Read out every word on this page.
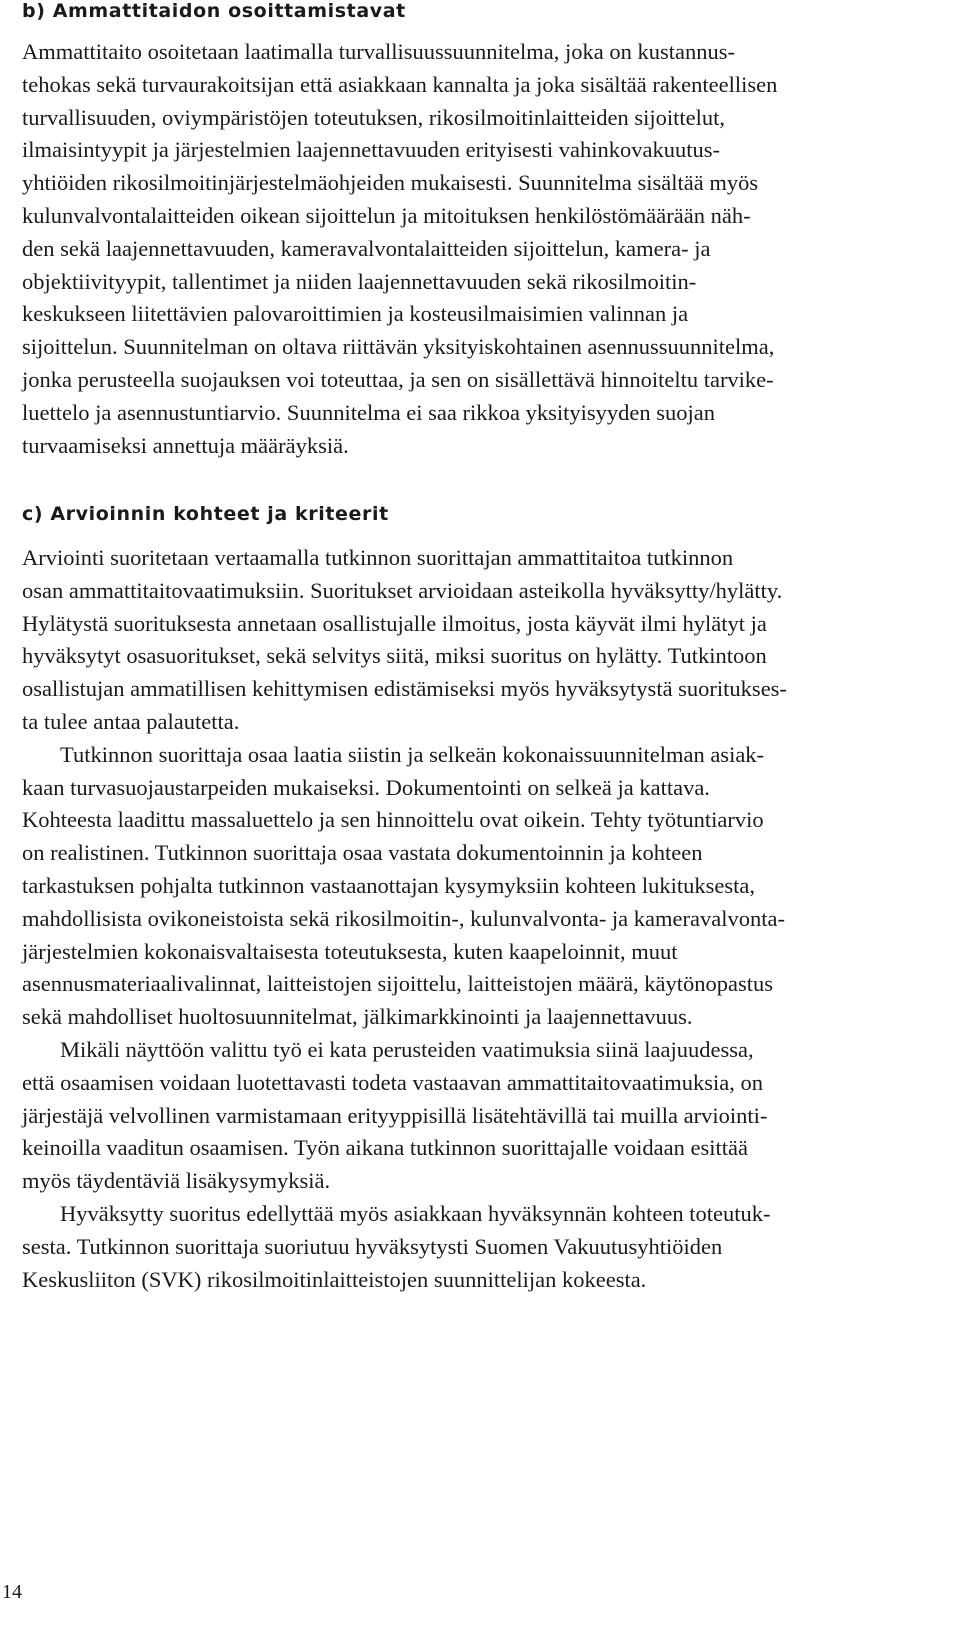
b) Ammattitaidon osoittamistavat
Ammattitaito osoitetaan laatimalla turvallisuussuunnitelma, joka on kustannus-
tehokas sekä turvaurakoitsijan että asiakkaan kannalta ja joka sisältää rakenteellisen
turvallisuuden, oviympäristöjen toteutuksen, rikosilmoitinlaitteiden sijoittelut,
ilmaisintyypit ja järjestelmien laajennettavuuden erityisesti vahinkovakuutus-
yhtiöiden rikosilmoitinjärjestelmäohjeiden mukaisesti. Suunnitelma sisältää myös
kulunvalvontalaitteiden oikean sijoittelun ja mitoituksen henkilöstömäärään näh-
den sekä laajennettavuuden, kameravalvontalaitteiden sijoittelun, kamera- ja
objektiivityypit, tallentimet ja niiden laajennettavuuden sekä rikosilmoitin-
keskukseen liitettävien palovaroittimien ja kosteusilmaisimien valinnan ja
sijoittelun. Suunnitelman on oltava riittävän yksityiskohtainen asennussuunnitelma,
jonka perusteella suojauksen voi toteuttaa, ja sen on sisällettävä hinnoiteltu tarvike-
luettelo ja asennustuntiarvio. Suunnitelma ei saa rikkoa yksityisyyden suojan
turvaamiseksi annettuja määräyksiä.
c) Arvioinnin kohteet ja kriteerit
Arviointi suoritetaan vertaamalla tutkinnon suorittajan ammattitaitoa tutkinnon
osan ammattitaitovaatimuksiin. Suoritukset arvioidaan asteikolla hyväksytty/hylätty.
Hylätystä suorituksesta annetaan osallistujalle ilmoitus, josta käyvät ilmi hylätyt ja
hyväksytyt osasuoritukset, sekä selvitys siitä, miksi suoritus on hylätty. Tutkintoon
osallistujan ammatillisen kehittymisen edistämiseksi myös hyväksytystä suoritukses-
ta tulee antaa palautetta.
Tutkinnon suorittaja osaa laatia siistin ja selkeän kokonaissuunnitelman asiak-
kaan turvasuojaustarpeiden mukaiseksi. Dokumentointi on selkeä ja kattava.
Kohteesta laadittu massaluettelo ja sen hinnoittelu ovat oikein. Tehty työtuntiarvio
on realistinen. Tutkinnon suorittaja osaa vastata dokumentoinnin ja kohteen
tarkastuksen pohjalta tutkinnon vastaanottajan kysymyksiin kohteen lukituksesta,
mahdollisista ovikoneistoista sekä rikosilmoitin-, kulunvalvonta- ja kameravalvonta-
järjestelmien kokonaisvaltaisesta toteutuksesta, kuten kaapeloinnit, muut
asennusmateriaalivalinnat, laitteistojen sijoittelu, laitteistojen määrä, käytönopastus
sekä mahdolliset huoltosuunnitelmat, jälkimarkkinointi ja laajennettavuus.
Mikäli näyttöön valittu työ ei kata perusteiden vaatimuksia siinä laajuudessa,
että osaamisen voidaan luotettavasti todeta vastaavan ammattitaitovaatimuksia, on
järjestäjä velvollinen varmistamaan erityyppisillä lisätehtävillä tai muilla arviointi-
keinoilla vaaditun osaamisen. Työn aikana tutkinnon suorittajalle voidaan esittää
myös täydentäviä lisäkysymyksiä.
Hyväksytty suoritus edellyttää myös asiakkaan hyväksynnän kohteen toteutuk-
sesta. Tutkinnon suorittaja suoriutuu hyväksytysti Suomen Vakuutusyhtiöiden
Keskusliiton (SVK) rikosilmoitinlaitteistojen suunnittelijan kokeesta.
14
